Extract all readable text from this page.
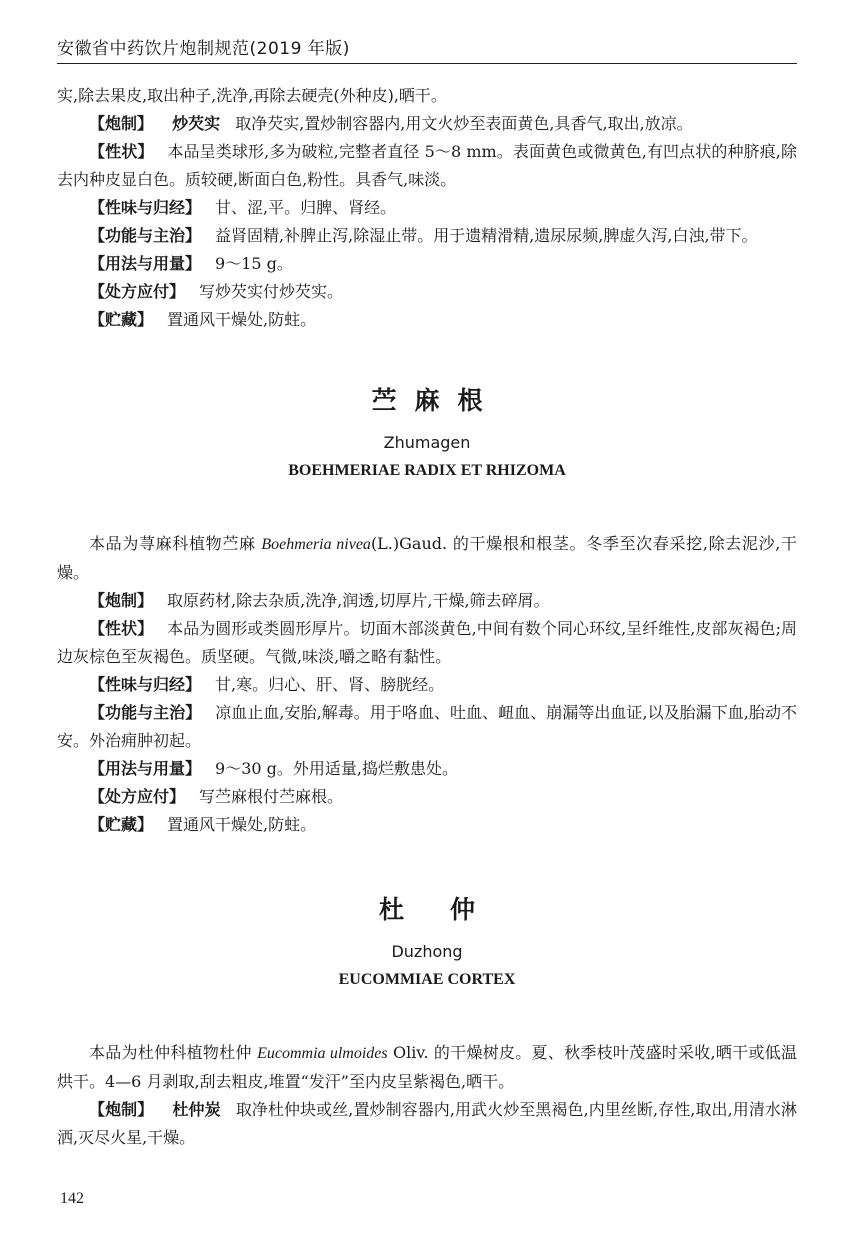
安徽省中药饮片炮制规范(2019 年版)

实,除去果皮,取出种子,洗净,再除去硬壳(外种皮),晒干。

【炮制】 炒芡实 取净芡实,置炒制容器内,用文火炒至表面黄色,具香气,取出,放凉。

【性状】 本品呈类球形,多为破粒,完整者直径 5～8 mm。表面黄色或微黄色,有凹点状的种脐痕,除去内种皮显白色。质较硬,断面白色,粉性。具香气,味淡。

【性味与归经】 甘、涩,平。归脾、肾经。

【功能与主治】 益肾固精,补脾止泻,除湿止带。用于遗精滑精,遗尿尿频,脾虚久泻,白浊,带下。

【用法与用量】 9～15 g。

【处方应付】 写炒芡实付炒芡实。

【贮藏】 置通风干燥处,防蛀。

苎麻根
Zhumagen
BOEHMERIAE RADIX ET RHIZOMA

本品为荨麻科植物苎麻 Boehmeria nivea(L.)Gaud. 的干燥根和根茎。冬季至次春采挖,除去泥沙,干燥。

【炮制】 取原药材,除去杂质,洗净,润透,切厚片,干燥,筛去碎屑。

【性状】 本品为圆形或类圆形厚片。切面木部淡黄色,中间有数个同心环纹,呈纤维性,皮部灰褐色;周边灰棕色至灰褐色。质坚硬。气微,味淡,嚼之略有黏性。

【性味与归经】 甘,寒。归心、肝、肾、膀胱经。

【功能与主治】 凉血止血,安胎,解毒。用于咯血、吐血、衄血、崩漏等出血证,以及胎漏下血,胎动不安。外治痈肿初起。

【用法与用量】 9～30 g。外用适量,捣烂敷患处。

【处方应付】 写苎麻根付苎麻根。

【贮藏】 置通风干燥处,防蛀。

杜仲
Duzhong
EUCOMMIAE CORTEX

本品为杜仲科植物杜仲 Eucommia ulmoides Oliv. 的干燥树皮。夏、秋季枝叶茂盛时采收,晒干或低温烘干。4—6 月剥取,刮去粗皮,堆置“发汗”至内皮呈紫褐色,晒干。

【炮制】 杜仲炭 取净杜仲块或丝,置炒制容器内,用武火炒至黑褐色,内里丝断,存性,取出,用清水淋洒,灭尽火星,干燥。

142
